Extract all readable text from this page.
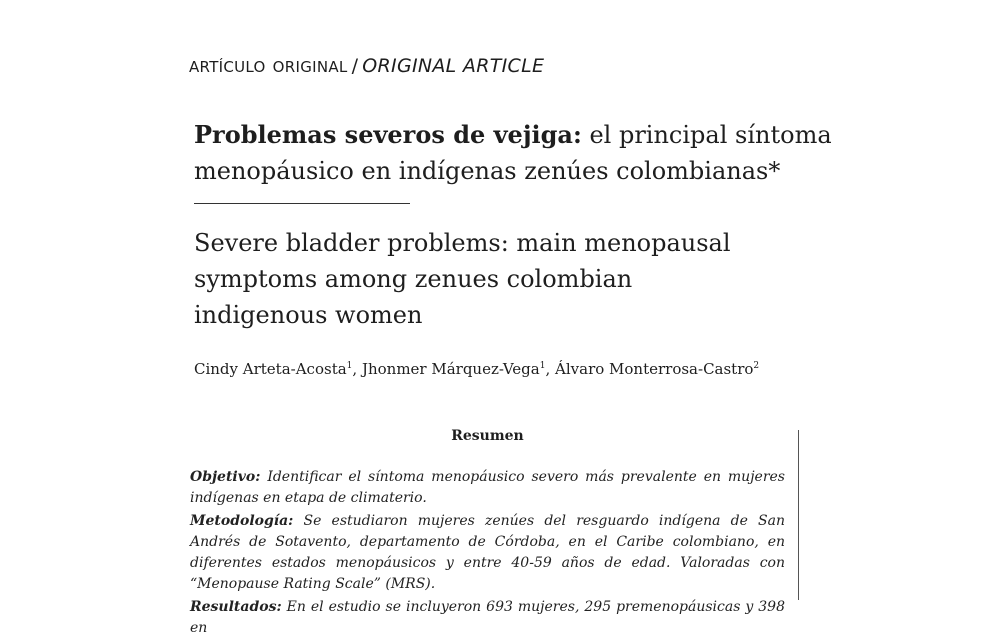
artículo original / ORIGINAL ARTICLE
Problemas severos de vejiga: el principal síntoma menopáusico en indígenas zenúes colombianas*
Severe bladder problems: main menopausal
symptoms among zenues colombian
indigenous women
Cindy Arteta-Acosta$^1$, Jhonmer Márquez-Vega$^1$, Álvaro Monterrosa-Castro$^2$
Resumen

Objetivo: Identificar el síntoma menopáusico severo más prevalente en mujeres indígenas en etapa de climaterio.

Metodología: Se estudiaron mujeres zenúes del resguardo indígena de San Andrés de Sotavento, departamento de Córdoba, en el Caribe colombiano, en diferentes estados menopáusicos y entre 40-59 años de edad. Valoradas con “Menopause Rating Scale” (MRS).

Resultados: En el estudio se incluyeron 693 mujeres, 295 premenopáusicas y 398 en
